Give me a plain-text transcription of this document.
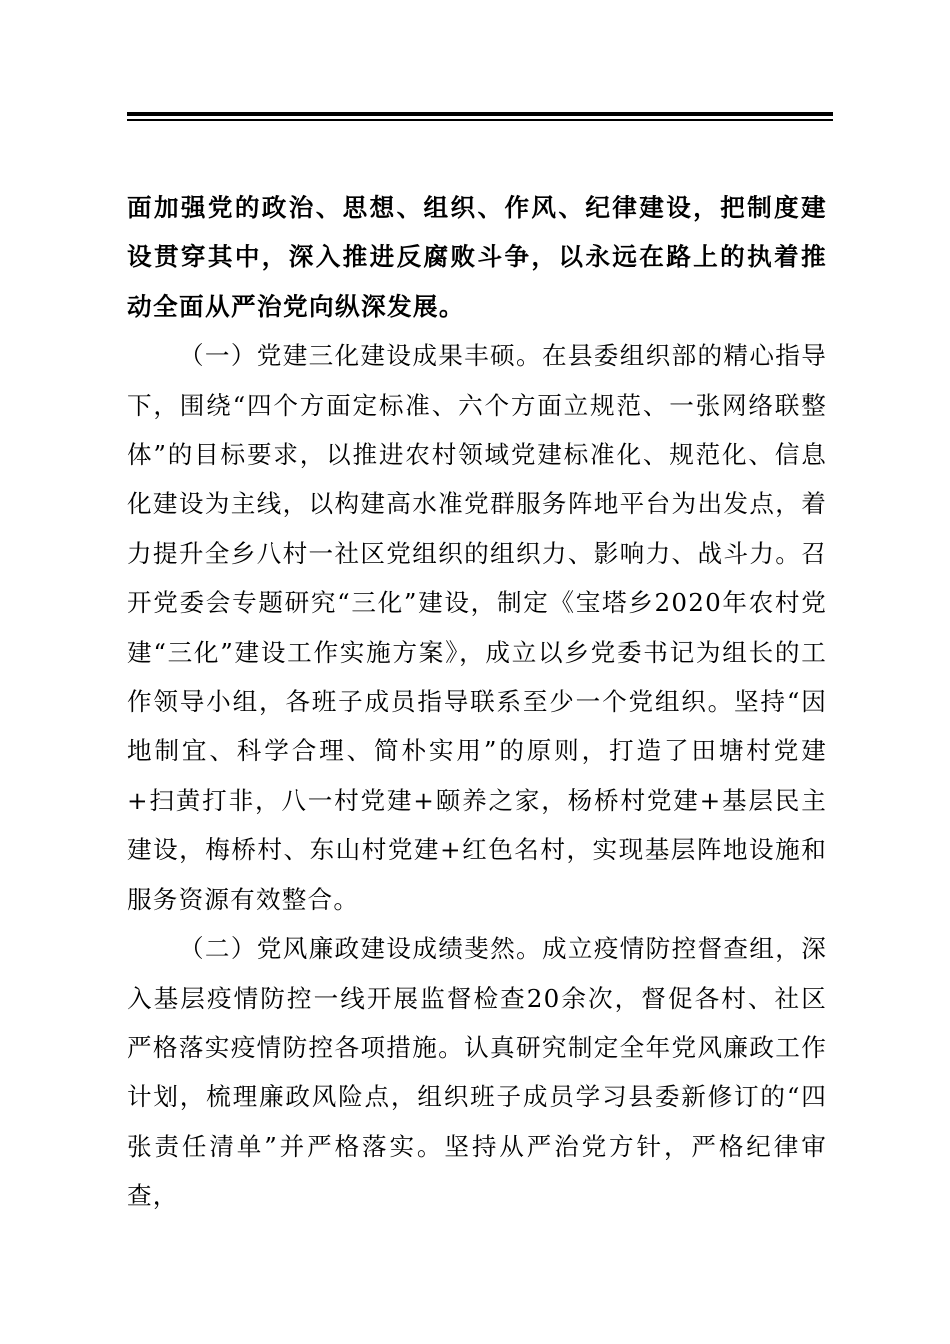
面加强党的政治、思想、组织、作风、纪律建设，把制度建设贯穿其中，深入推进反腐败斗争，以永远在路上的执着推动全面从严治党向纵深发展。

（一）党建三化建设成果丰硕。在县委组织部的精心指导下，围绕“四个方面定标准、六个方面立规范、一张网络联整体”的目标要求，以推进农村领域党建标准化、规范化、信息化建设为主线，以构建高水准党群服务阵地平台为出发点，着力提升全乡八村一社区党组织的组织力、影响力、战斗力。召开党委会专题研究“三化”建设，制定《宝塔乡2020年农村党建“三化”建设工作实施方案》，成立以乡党委书记为组长的工作领导小组，各班子成员指导联系至少一个党组织。坚持“因地制宜、科学合理、简朴实用”的原则，打造了田塘村党建+扫黄打非，八一村党建+颐养之家，杨桥村党建+基层民主建设，梅桥村、东山村党建+红色名村，实现基层阵地设施和服务资源有效整合。

（二）党风廉政建设成绩斐然。成立疫情防控督查组，深入基层疫情防控一线开展监督检查20余次，督促各村、社区严格落实疫情防控各项措施。认真研究制定全年党风廉政工作计划，梳理廉政风险点，组织班子成员学习县委新修订的“四张责任清单”并严格落实。坚持从严治党方针，严格纪律审查，
